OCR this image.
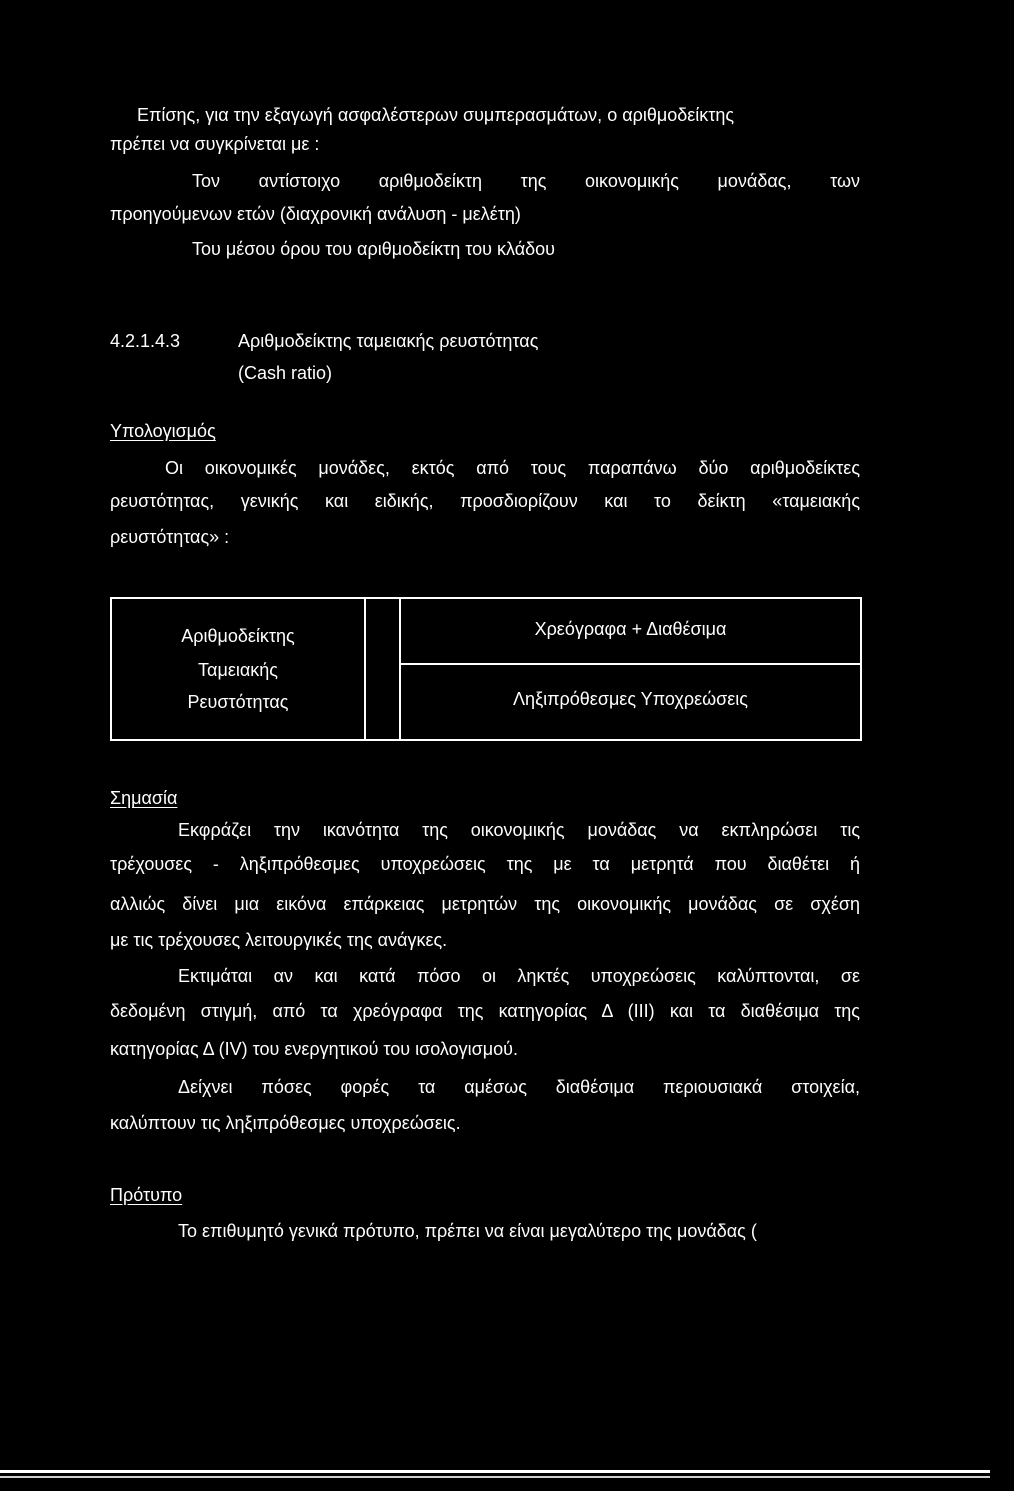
Επίσης, για την εξαγωγή ασφαλέστερων συμπερασμάτων, ο αριθμοδείκτης
πρέπει να συγκρίνεται με :
Τον αντίστοιχο αριθμοδείκτη της οικονομικής μονάδας, των
προηγούμενων ετών (διαχρονική ανάλυση - μελέτη)
Του μέσου όρου του αριθμοδείκτη του κλάδου
4.2.1.4.3	Αριθμοδείκτης ταμειακής ρευστότητας
(Cash ratio)
Υπολογισμός
Οι οικονομικές μονάδες, εκτός από τους παραπάνω δύο αριθμοδείκτες
ρευστότητας, γενικής και ειδικής, προσδιορίζουν και το δείκτη «ταμειακής
ρευστότητας» :
Αριθμοδείκτης
Ταμειακής
Ρευστότητας
Χρεόγραφα + Διαθέσιμα
Ληξιπρόθεσμες Υποχρεώσεις
Σημασία
Εκφράζει την ικανότητα της οικονομικής μονάδας να εκπληρώσει τις
τρέχουσες - ληξιπρόθεσμες υποχρεώσεις της με τα μετρητά που διαθέτει ή
αλλιώς δίνει μια εικόνα επάρκειας μετρητών της οικονομικής μονάδας σε σχέση
με τις τρέχουσες λειτουργικές της ανάγκες.
Εκτιμάται αν και κατά πόσο οι ληκτές υποχρεώσεις καλύπτονται, σε
δεδομένη στιγμή, από τα χρεόγραφα της κατηγορίας Δ (III) και τα διαθέσιμα της
κατηγορίας Δ (IV) του ενεργητικού του ισολογισμού.
Δείχνει πόσες φορές τα αμέσως διαθέσιμα περιουσιακά στοιχεία,
καλύπτουν τις ληξιπρόθεσμες υποχρεώσεις.
Πρότυπο
Το επιθυμητό γενικά πρότυπο, πρέπει να είναι μεγαλύτερο της μονάδας (
